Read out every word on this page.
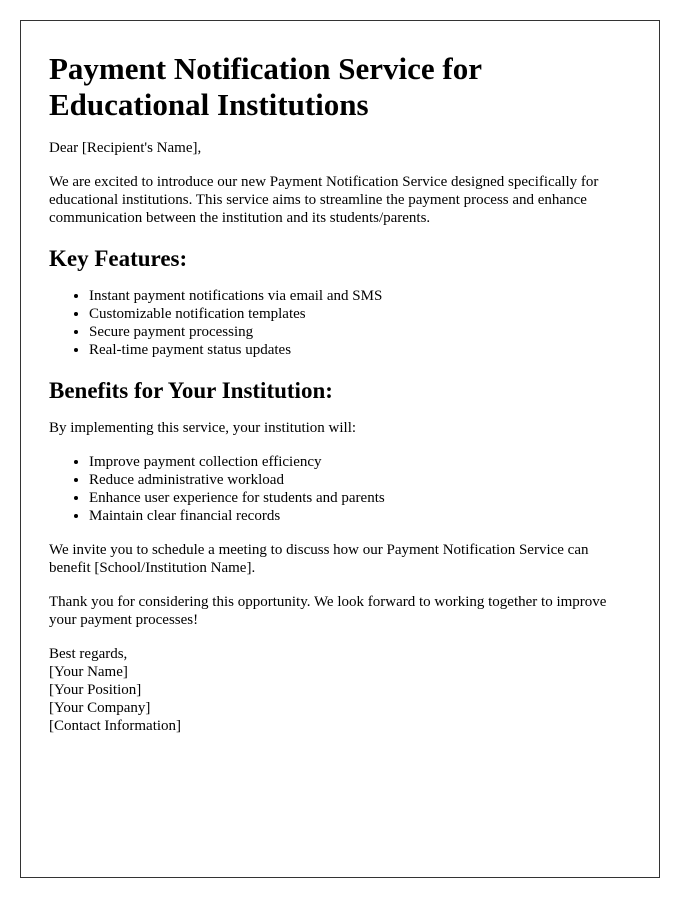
Payment Notification Service for Educational Institutions

Dear [Recipient's Name],

We are excited to introduce our new Payment Notification Service designed specifically for educational institutions. This service aims to streamline the payment process and enhance communication between the institution and its students/parents.

Key Features:
• Instant payment notifications via email and SMS
• Customizable notification templates
• Secure payment processing
• Real-time payment status updates
Benefits for Your Institution:

By implementing this service, your institution will:

• Improve payment collection efficiency
• Reduce administrative workload
• Enhance user experience for students and parents
• Maintain clear financial records

We invite you to schedule a meeting to discuss how our Payment Notification Service can benefit [School/Institution Name].

Thank you for considering this opportunity. We look forward to working together to improve your payment processes!

Best regards,
[Your Name]
[Your Position]
[Your Company]
[Contact Information]
